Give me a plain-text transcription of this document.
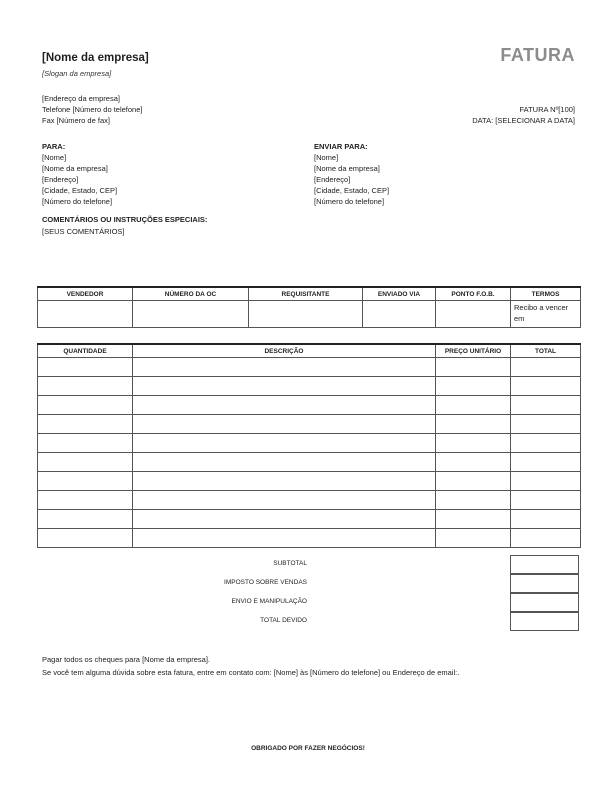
[Nome da empresa]
[Slogan da empresa]
FATURA
[Endereço da empresa]
Telefone [Número do telefone]
Fax [Número de fax]
FATURA Nº[100]
DATA: [SELECIONAR A DATA]
PARA:
[Nome]
[Nome da empresa]
[Endereço]
[Cidade, Estado, CEP]
[Número do telefone]
ENVIAR PARA:
[Nome]
[Nome da empresa]
[Endereço]
[Cidade, Estado, CEP]
[Número do telefone]
COMENTÁRIOS OU INSTRUÇÕES ESPECIAIS:
[SEUS COMENTÁRIOS]
VENDEDOR	NÚMERO DA OC	REQUISITANTE	ENVIADO VIA	PONTO F.O.B.	TERMOS
					Recibo a vencer em
QUANTIDADE	DESCRIÇÃO	PREÇO UNITÁRIO	TOTAL

SUBTOTAL
IMPOSTO SOBRE VENDAS
ENVIO E MANIPULAÇÃO
TOTAL DEVIDO
Pagar todos os cheques para [Nome da empresa].
Se você tem alguma dúvida sobre esta fatura, entre em contato com: [Nome] às [Número do telefone] ou Endereço de email:.
OBRIGADO POR FAZER NEGÓCIOS!
